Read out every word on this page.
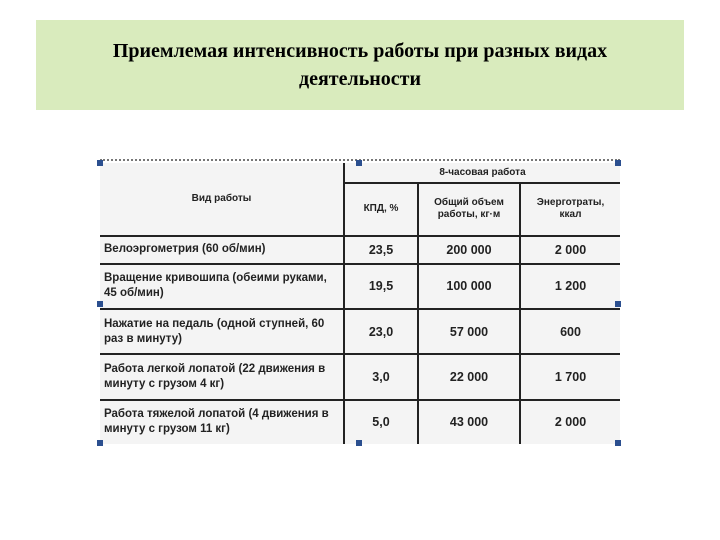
Приемлемая интенсивность работы при разных видах деятельности
Вид работы	8-часовая работа		
	КПД, %	Общий объем работы, кг·м	Энерготраты, ккал
Велоэргометрия (60 об/мин)	23,5	200 000	2 000
Вращение кривошипа (обеими руками, 45 об/мин)	19,5	100 000	1 200
Нажатие на педаль (одной ступней, 60 раз в минуту)	23,0	57 000	600
Работа легкой лопатой (22 движения в минуту с грузом 4 кг)	3,0	22 000	1 700
Работа тяжелой лопатой (4 движения в минуту с грузом 11 кг)	5,0	43 000	2 000
